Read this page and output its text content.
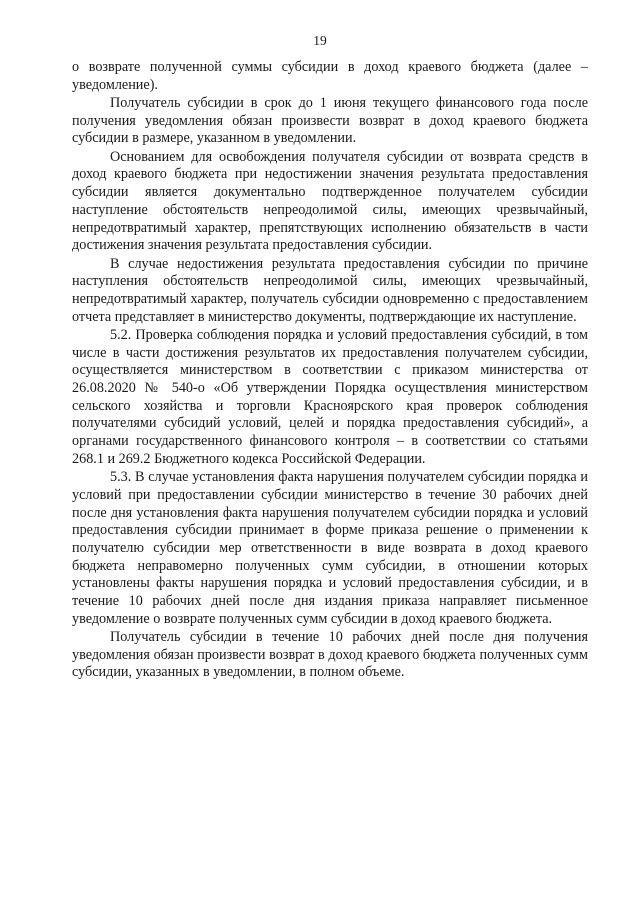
19

о возврате полученной суммы субсидии в доход краевого бюджета (далее – уведомление).

Получатель субсидии в срок до 1 июня текущего финансового года после получения уведомления обязан произвести возврат в доход краевого бюджета субсидии в размере, указанном в уведомлении.

Основанием для освобождения получателя субсидии от возврата средств в доход краевого бюджета при недостижении значения результата предоставления субсидии является документально подтвержденное получателем субсидии наступление обстоятельств непреодолимой силы, имеющих чрезвычайный, непредотвратимый характер, препятствующих исполнению обязательств в части достижения значения результата предоставления субсидии.

В случае недостижения результата предоставления субсидии по причине наступления обстоятельств непреодолимой силы, имеющих чрезвычайный, непредотвратимый характер, получатель субсидии одновременно с предоставлением отчета представляет в министерство документы, подтверждающие их наступление.

5.2. Проверка соблюдения порядка и условий предоставления субсидий, в том числе в части достижения результатов их предоставления получателем субсидии, осуществляется министерством в соответствии с приказом министерства от 26.08.2020 № 540-о «Об утверждении Порядка осуществления министерством сельского хозяйства и торговли Красноярского края проверок соблюдения получателями субсидий условий, целей и порядка предоставления субсидий», а органами государственного финансового контроля – в соответствии со статьями 268.1 и 269.2 Бюджетного кодекса Российской Федерации.

5.3. В случае установления факта нарушения получателем субсидии порядка и условий при предоставлении субсидии министерство в течение 30 рабочих дней после дня установления факта нарушения получателем субсидии порядка и условий предоставления субсидии принимает в форме приказа решение о применении к получателю субсидии мер ответственности в виде возврата в доход краевого бюджета неправомерно полученных сумм субсидии, в отношении которых установлены факты нарушения порядка и условий предоставления субсидии, и в течение 10 рабочих дней после дня издания приказа направляет письменное уведомление о возврате полученных сумм субсидии в доход краевого бюджета.

Получатель субсидии в течение 10 рабочих дней после дня получения уведомления обязан произвести возврат в доход краевого бюджета полученных сумм субсидии, указанных в уведомлении, в полном объеме.
